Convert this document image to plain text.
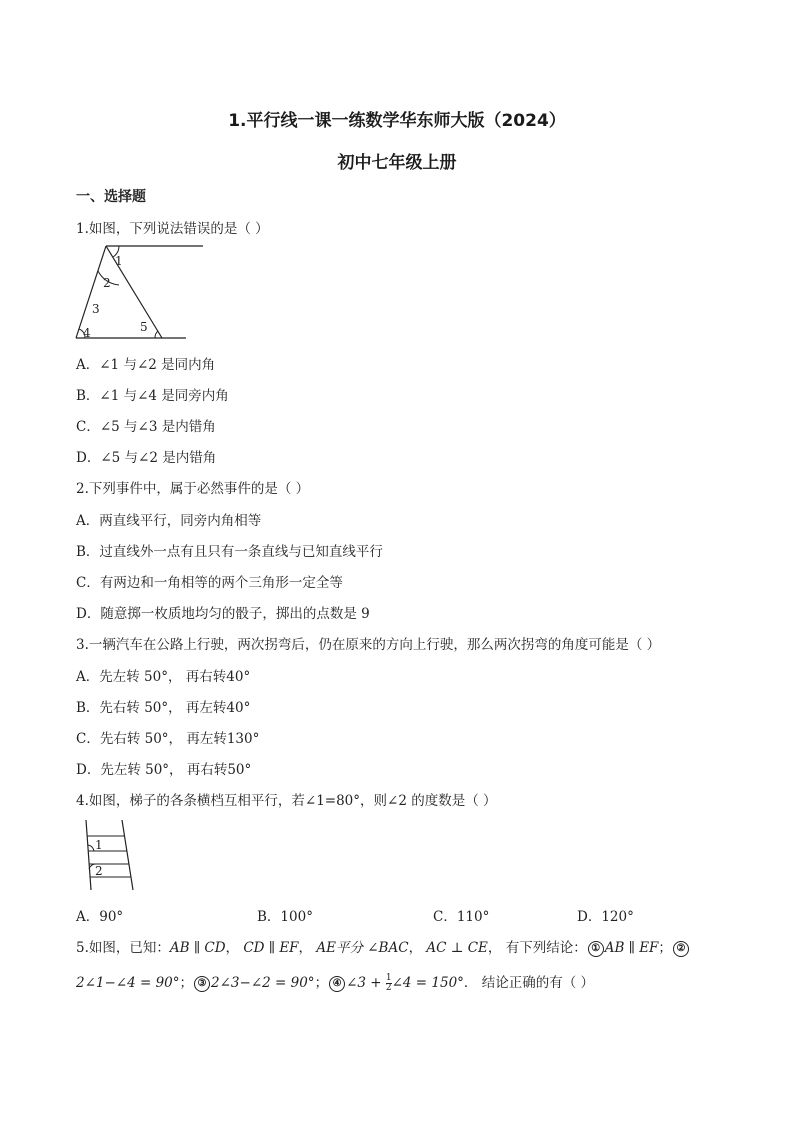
1.平行线一课一练数学华东师大版（2024）
初中七年级上册
一、选择题
1.如图，下列说法错误的是（ ）
1
2
3
4	5
A．∠1 与∠2 是同内角
B．∠1 与∠4 是同旁内角
C．∠5 与∠3 是内错角
D．∠5 与∠2 是内错角
2.下列事件中，属于必然事件的是（ ）
A．两直线平行，同旁内角相等
B．过直线外一点有且只有一条直线与已知直线平行
C．有两边和一角相等的两个三角形一定全等
D．随意掷一枚质地均匀的骰子，掷出的点数是 9
3.一辆汽车在公路上行驶，两次拐弯后，仍在原来的方向上行驶，那么两次拐弯的角度可能是（ ）
A．先左转 50°， 再右转40°
B．先右转 50°， 再左转40°
C．先右转 50°， 再左转130°
D．先左转 50°， 再右转50°
4.如图，梯子的各条横档互相平行，若∠1=80°，则∠2 的度数是（ ）
1
2
A．90°	B．100°	C．110°	D．120°
5.如图，已知：AB ∥ CD， CD ∥ EF， AE平分 ∠BAC， AC ⊥ CE， 有下列结论： ① AB ∥ EF； ②
2∠1−∠4 = 90°； ③ 2∠3−∠2 = 90°； ④ ∠3 + $\frac{1}{2}$ ∠4 = 150°． 结论正确的有（ ）
